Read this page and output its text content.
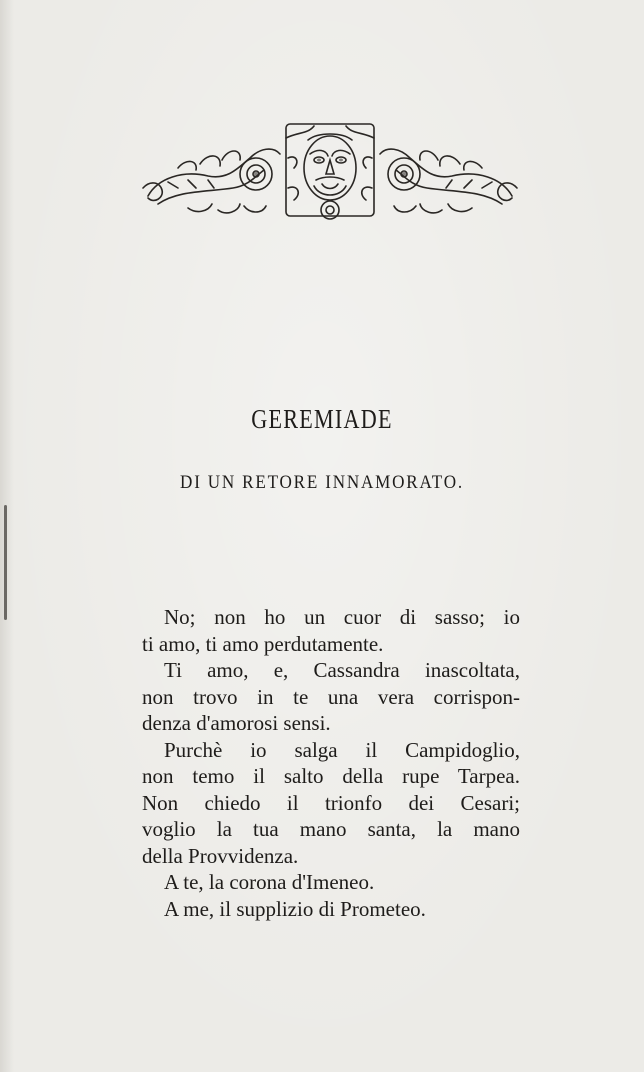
GEREMIADE
DI UN RETORE INNAMORATO.
No; non ho un cuor di sasso; io
ti amo, ti amo perdutamente.
Ti amo, e, Cassandra inascoltata,
non trovo in te una vera corrispon-
denza d'amorosi sensi.
Purchè io salga il Campidoglio,
non temo il salto della rupe Tarpea.
Non chiedo il trionfo dei Cesari;
voglio la tua mano santa, la mano
della Provvidenza.
A te, la corona d'Imeneo.
A me, il supplizio di Prometeo.
